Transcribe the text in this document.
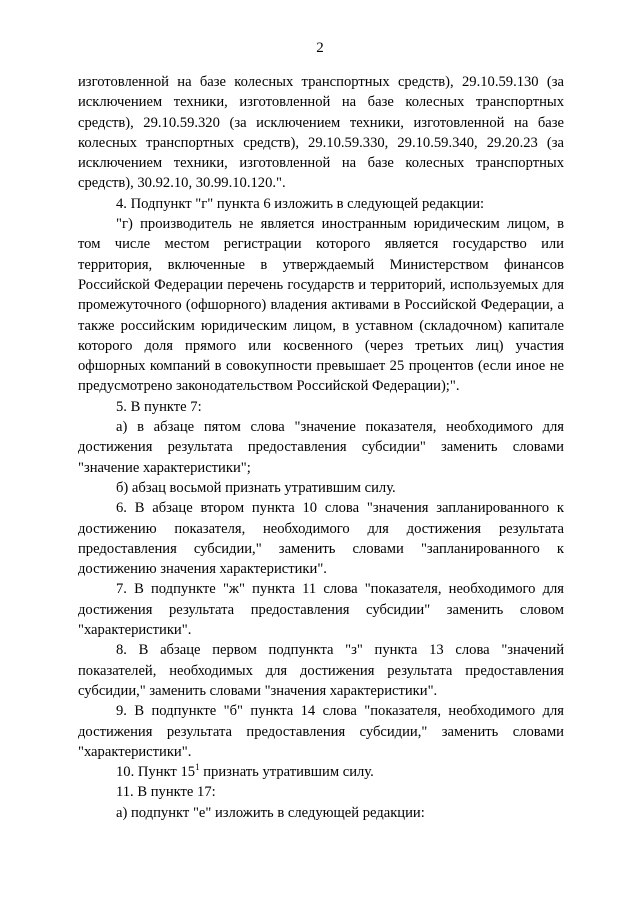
2

изготовленной на базе колесных транспортных средств), 29.10.59.130 (за исключением техники, изготовленной на базе колесных транспортных средств), 29.10.59.320 (за исключением техники, изготовленной на базе колесных транспортных средств), 29.10.59.330, 29.10.59.340, 29.20.23 (за исключением техники, изготовленной на базе колесных транспортных средств), 30.92.10, 30.99.10.120.".

4. Подпункт "г" пункта 6 изложить в следующей редакции:

"г) производитель не является иностранным юридическим лицом, в том числе местом регистрации которого является государство или территория, включенные в утверждаемый Министерством финансов Российской Федерации перечень государств и территорий, используемых для промежуточного (офшорного) владения активами в Российской Федерации, а также российским юридическим лицом, в уставном (складочном) капитале которого доля прямого или косвенного (через третьих лиц) участия офшорных компаний в совокупности превышает 25 процентов (если иное не предусмотрено законодательством Российской Федерации);".

5. В пункте 7:

а) в абзаце пятом слова "значение показателя, необходимого для достижения результата предоставления субсидии" заменить словами "значение характеристики";

б) абзац восьмой признать утратившим силу.

6. В абзаце втором пункта 10 слова "значения запланированного к достижению показателя, необходимого для достижения результата предоставления субсидии," заменить словами "запланированного к достижению значения характеристики".

7. В подпункте "ж" пункта 11 слова "показателя, необходимого для достижения результата предоставления субсидии" заменить словом "характеристики".

8. В абзаце первом подпункта "з" пункта 13 слова "значений показателей, необходимых для достижения результата предоставления субсидии," заменить словами "значения характеристики".

9. В подпункте "б" пункта 14 слова "показателя, необходимого для достижения результата предоставления субсидии," заменить словами "характеристики".

10. Пункт $15^1$ признать утратившим силу.

11. В пункте 17:

а) подпункт "е" изложить в следующей редакции:
